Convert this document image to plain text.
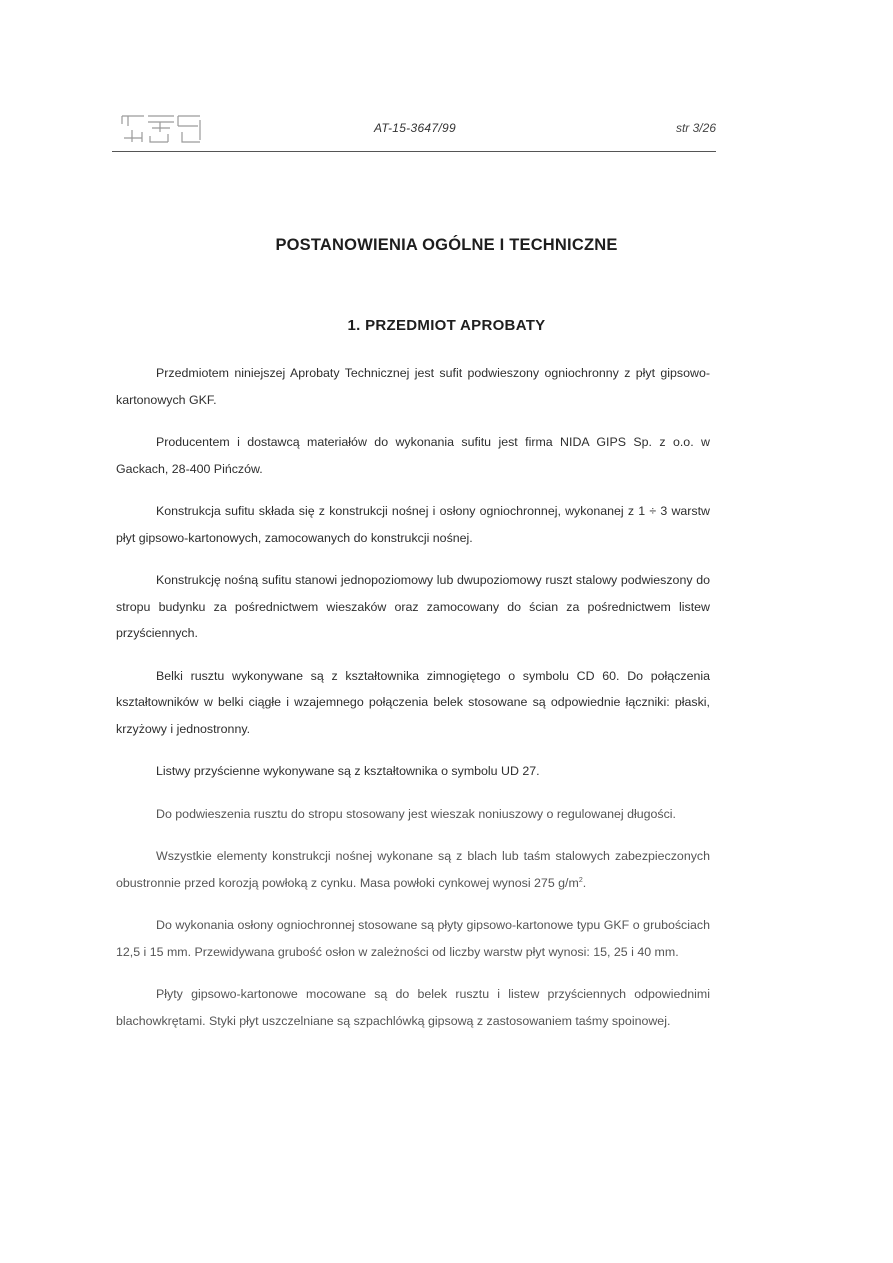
AT-15-3647/99	str 3/26
POSTANOWIENIA OGÓLNE I TECHNICZNE
1. PRZEDMIOT APROBATY

Przedmiotem niniejszej Aprobaty Technicznej jest sufit podwieszony ogniochronny z płyt gipsowo-kartonowych GKF.

Producentem i dostawcą materiałów do wykonania sufitu jest firma NIDA GIPS Sp. z o.o. w Gackach, 28-400 Pińczów.

Konstrukcja sufitu składa się z konstrukcji nośnej i osłony ogniochronnej, wykonanej z 1 ÷ 3 warstw płyt gipsowo-kartonowych, zamocowanych do konstrukcji nośnej.

Konstrukcję nośną sufitu stanowi jednopoziomowy lub dwupoziomowy ruszt stalowy podwieszony do stropu budynku za pośrednictwem wieszaków oraz zamocowany do ścian za pośrednictwem listew przyściennych.

Belki rusztu wykonywane są z kształtownika zimnogiętego o symbolu CD 60. Do połączenia kształtowników w belki ciągłe i wzajemnego połączenia belek stosowane są odpowiednie łączniki: płaski, krzyżowy i jednostronny.

Listwy przyścienne wykonywane są z kształtownika o symbolu UD 27.

Do podwieszenia rusztu do stropu stosowany jest wieszak noniuszowy o regulowanej długości.

Wszystkie elementy konstrukcji nośnej wykonane są z blach lub taśm stalowych zabezpieczonych obustronnie przed korozją powłoką z cynku. Masa powłoki cynkowej wynosi 275 $g/m^2$.

Do wykonania osłony ogniochronnej stosowane są płyty gipsowo-kartonowe typu GKF o grubościach 12,5 i 15 mm. Przewidywana grubość osłon w zależności od liczby warstw płyt wynosi: 15, 25 i 40 mm.

Płyty gipsowo-kartonowe mocowane są do belek rusztu i listew przyściennych odpowiednimi blachowkrętami. Styki płyt uszczelniane są szpachlówką gipsową z zastosowaniem taśmy spoinowej.
